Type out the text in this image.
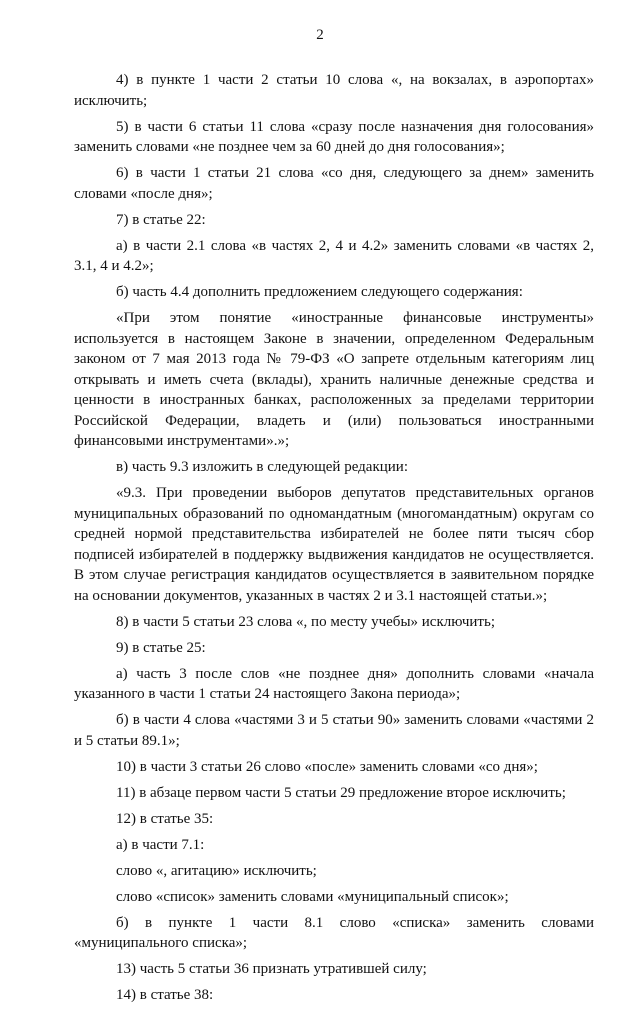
2

4) в пункте 1 части 2 статьи 10 слова «, на вокзалах, в аэропортах» исключить;

5) в части 6 статьи 11 слова «сразу после назначения дня голосования» заменить словами «не позднее чем за 60 дней до дня голосования»;

6) в части 1 статьи 21 слова «со дня, следующего за днем» заменить словами «после дня»;

7) в статье 22:

а) в части 2.1 слова «в частях 2, 4 и 4.2» заменить словами «в частях 2, 3.1, 4 и 4.2»;

б) часть 4.4 дополнить предложением следующего содержания:

«При этом понятие «иностранные финансовые инструменты» используется в настоящем Законе в значении, определенном Федеральным законом от 7 мая 2013 года № 79-ФЗ «О запрете отдельным категориям лиц открывать и иметь счета (вклады), хранить наличные денежные средства и ценности в иностранных банках, расположенных за пределами территории Российской Федерации, владеть и (или) пользоваться иностранными финансовыми инструментами».»;

в) часть 9.3 изложить в следующей редакции:

«9.3. При проведении выборов депутатов представительных органов муниципальных образований по одномандатным (многомандатным) округам со средней нормой представительства избирателей не более пяти тысяч сбор подписей избирателей в поддержку выдвижения кандидатов не осуществляется. В этом случае регистрация кандидатов осуществляется в заявительном порядке на основании документов, указанных в частях 2 и 3.1 настоящей статьи.»;

8) в части 5 статьи 23 слова «, по месту учебы» исключить;

9) в статье 25:

а) часть 3 после слов «не позднее дня» дополнить словами «начала указанного в части 1 статьи 24 настоящего Закона периода»;

б) в части 4 слова «частями 3 и 5 статьи 90» заменить словами «частями 2 и 5 статьи 89.1»;

10) в части 3 статьи 26 слово «после» заменить словами «со дня»;

11) в абзаце первом части 5 статьи 29 предложение второе исключить;

12) в статье 35:

а) в части 7.1:

слово «, агитацию» исключить;

слово «список» заменить словами «муниципальный список»;

б) в пункте 1 части 8.1 слово «списка» заменить словами «муниципального списка»;

13) часть 5 статьи 36 признать утратившей силу;

14) в статье 38:
